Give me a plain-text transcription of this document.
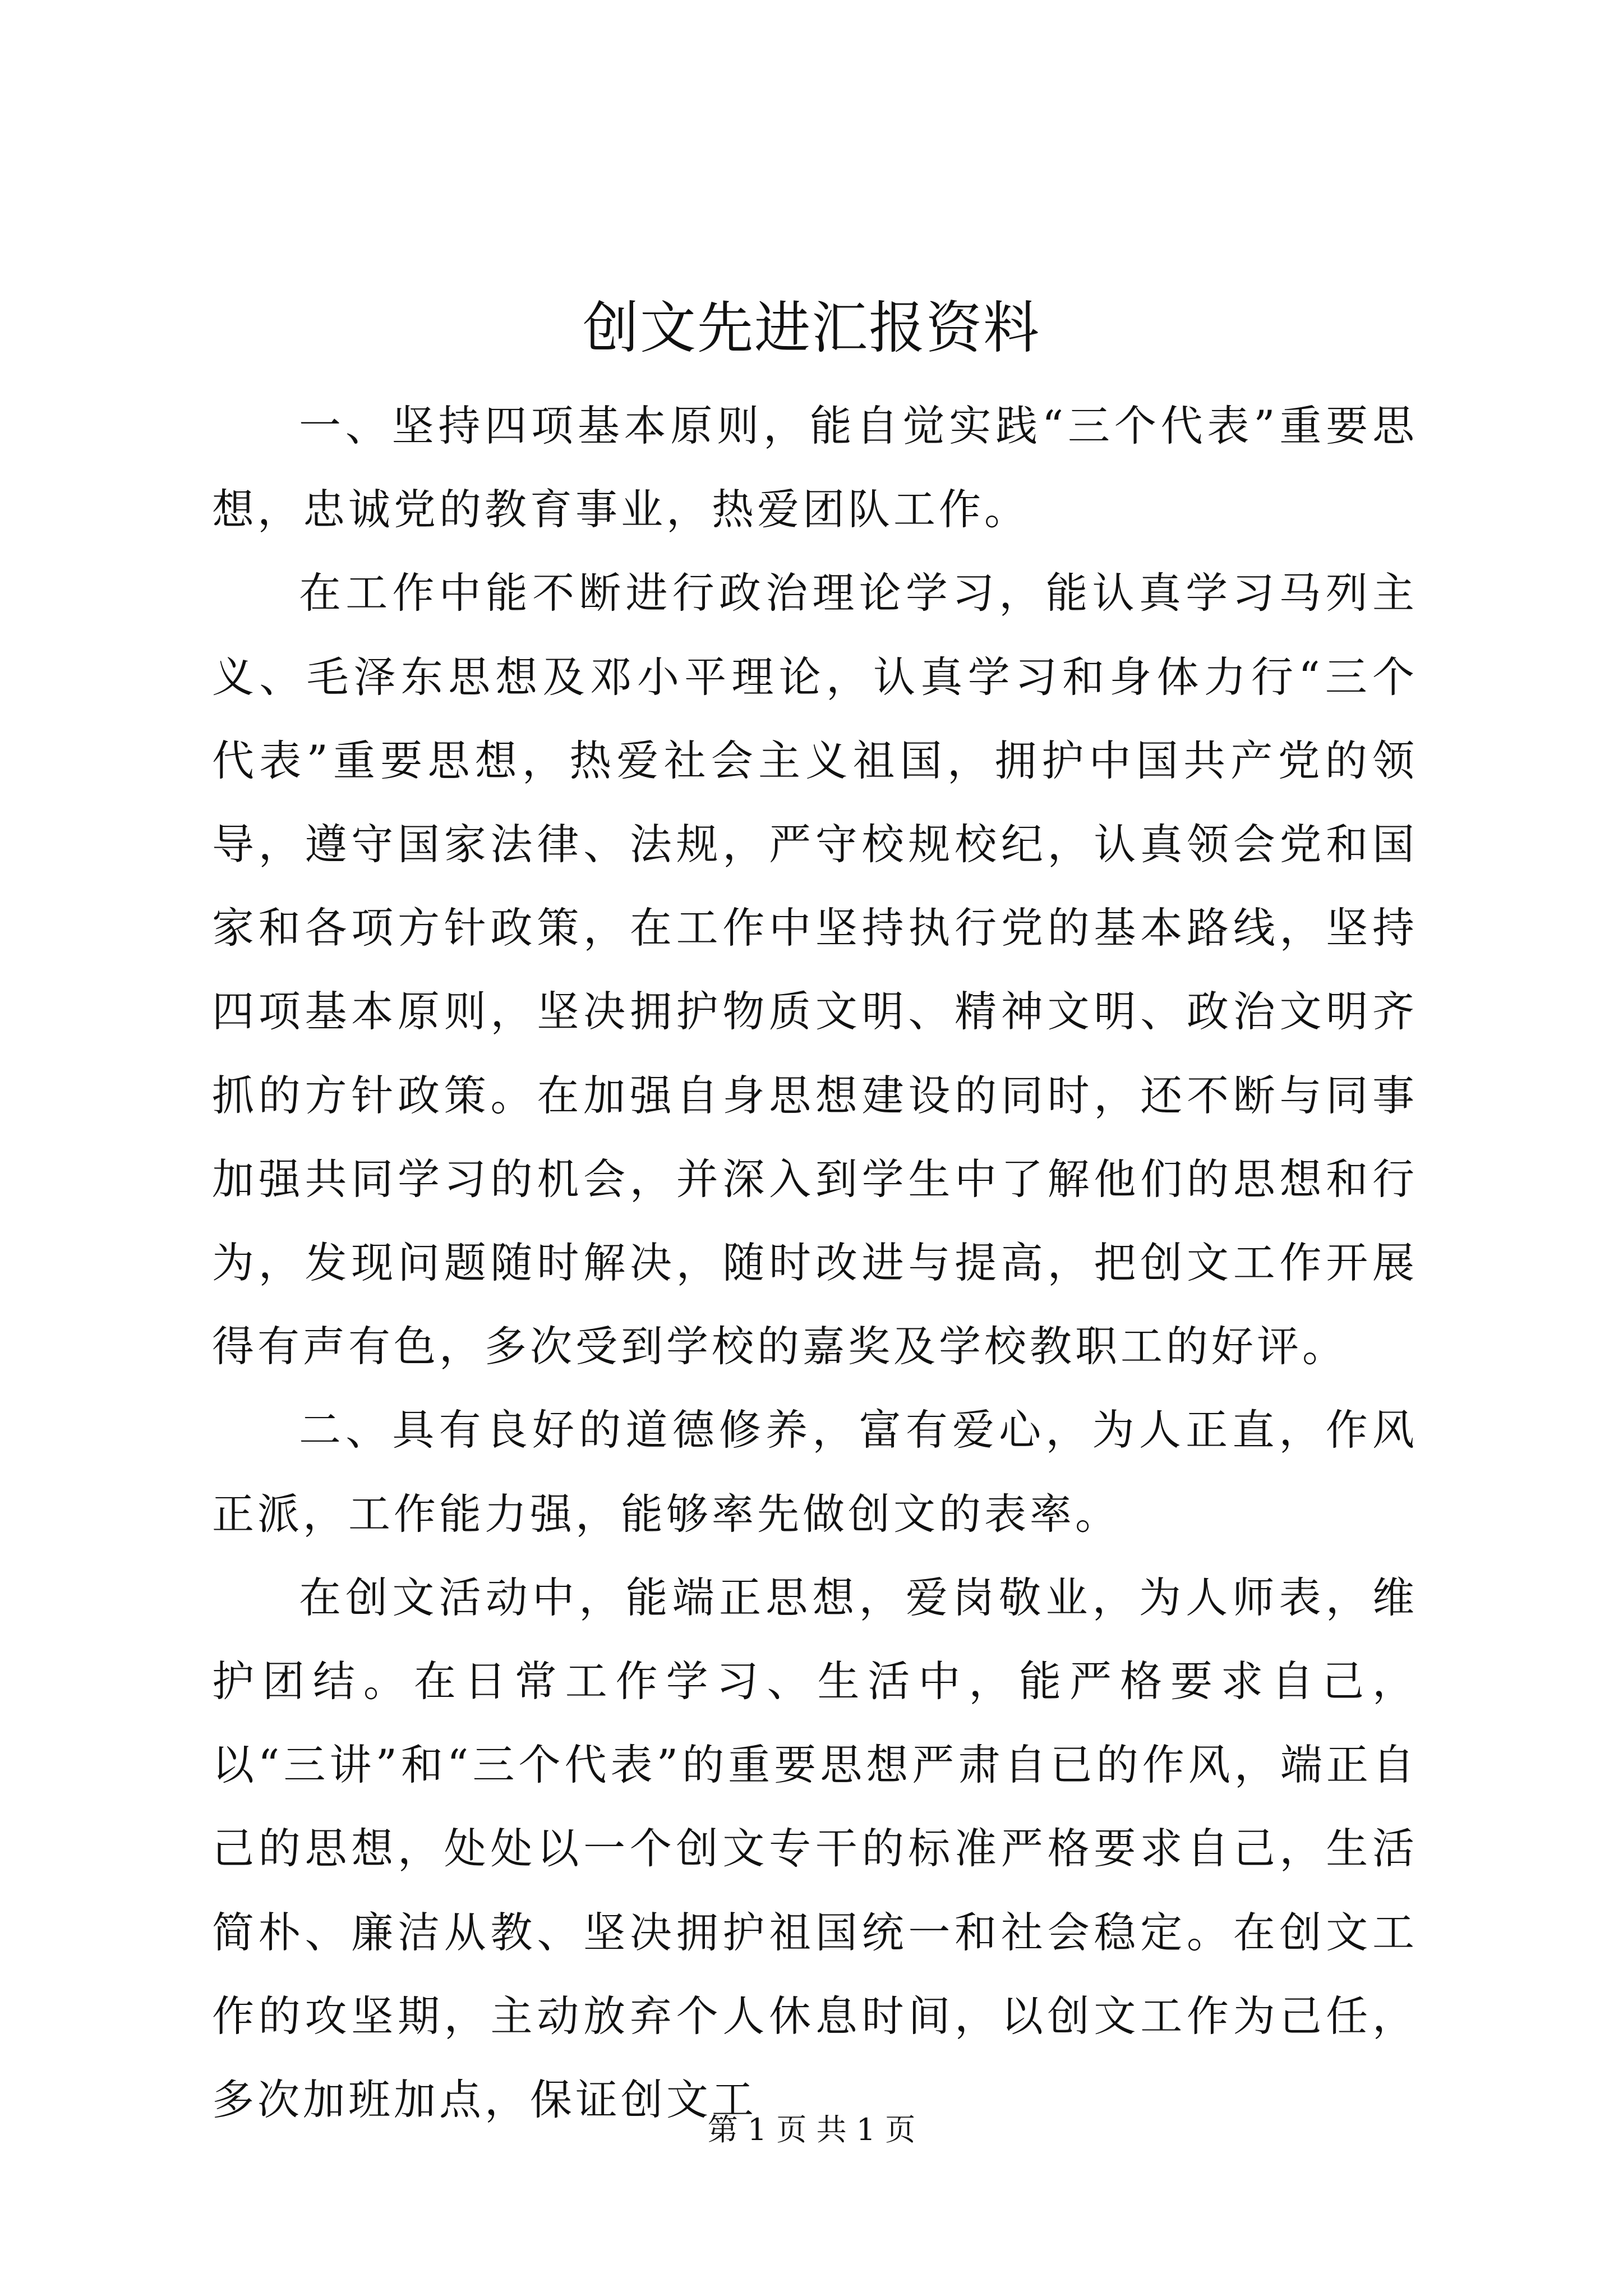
创文先进汇报资料

一、坚持四项基本原则，能自觉实践“三个代表”重要思想，忠诚党的教育事业，热爱团队工作。

在工作中能不断进行政治理论学习，能认真学习马列主义、毛泽东思想及邓小平理论，认真学习和身体力行“三个代表”重要思想，热爱社会主义祖国，拥护中国共产党的领导，遵守国家法律、法规，严守校规校纪，认真领会党和国家和各项方针政策，在工作中坚持执行党的基本路线，坚持四项基本原则，坚决拥护物质文明、精神文明、政治文明齐抓的方针政策。在加强自身思想建设的同时，还不断与同事加强共同学习的机会，并深入到学生中了解他们的思想和行为，发现问题随时解决，随时改进与提高，把创文工作开展得有声有色，多次受到学校的嘉奖及学校教职工的好评。

二、具有良好的道德修养，富有爱心，为人正直，作风正派，工作能力强，能够率先做创文的表率。

在创文活动中，能端正思想，爱岗敬业，为人师表，维护团结。在日常工作学习、生活中，能严格要求自己，以“三讲”和“三个代表”的重要思想严肃自已的作风，端正自己的思想，处处以一个创文专干的标准严格要求自己，生活简朴、廉洁从教、坚决拥护祖国统一和社会稳定。在创文工作的攻坚期，主动放弃个人休息时间，以创文工作为己任，多次加班加点，保证创文工

第 1 页 共 1 页
